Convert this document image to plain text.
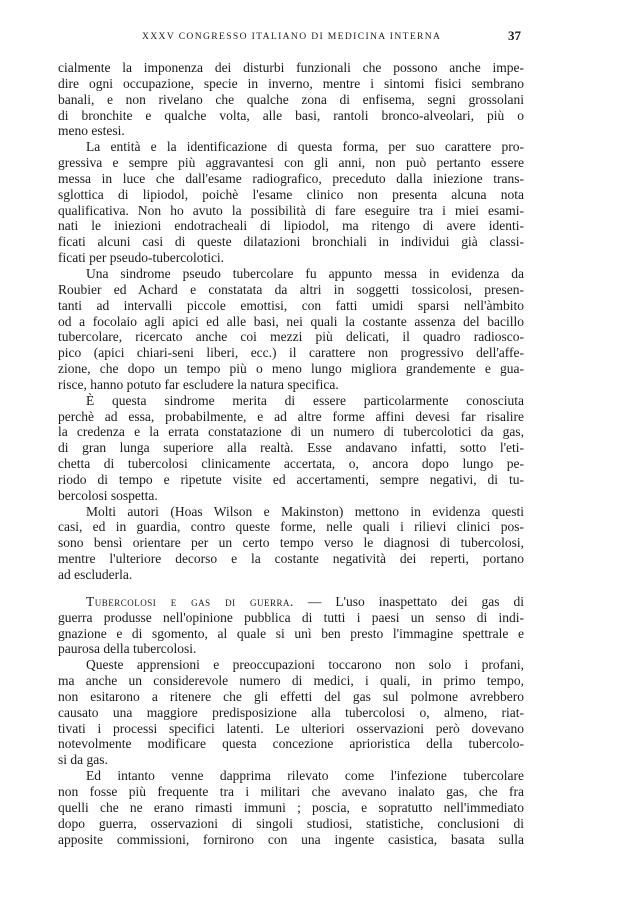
XXXV CONGRESSO ITALIANO DI MEDICINA INTERNA	37
cialmente la imponenza dei disturbi funzionali che possono anche impe-
dire ogni occupazione, specie in inverno, mentre i sintomi fisici sembrano
banali, e non rivelano che qualche zona di enfisema, segni grossolani
di bronchite e qualche volta, alle basi, rantoli bronco-alveolari, più o
meno estesi.
La entità e la identificazione di questa forma, per suo carattere pro-
gressiva e sempre più aggravantesi con gli anni, non può pertanto essere
messa in luce che dall'esame radiografico, preceduto dalla iniezione trans-
sglottica di lipiodol, poichè l'esame clinico non presenta alcuna nota
qualificativa. Non ho avuto la possibilità di fare eseguire tra i miei esami-
nati le iniezioni endotracheali di lipiodol, ma ritengo di avere identi-
ficati alcuni casi di queste dilatazioni bronchiali in individui già classi-
ficati per pseudo-tubercolotici.
Una sindrome pseudo tubercolare fu appunto messa in evidenza da
Roubier ed Achard e constatata da altri in soggetti tossicolosi, presen-
tanti ad intervalli piccole emottisi, con fatti umidi sparsi nell'àmbito
od a focolaio agli apici ed alle basi, nei quali la costante assenza del bacillo
tubercolare, ricercato anche coi mezzi più delicati, il quadro radiosco-
pico (apici chiari-seni liberi, ecc.) il carattere non progressivo dell'affe-
zione, che dopo un tempo più o meno lungo migliora grandemente e gua-
risce, hanno potuto far escludere la natura specifica.
È questa sindrome merita di essere particolarmente conosciuta
perchè ad essa, probabilmente, e ad altre forme affini devesi far risalire
la credenza e la errata constatazione di un numero di tubercolotici da gas,
di gran lunga superiore alla realtà. Esse andavano infatti, sotto l'eti-
chetta di tubercolosi clinicamente accertata, o, ancora dopo lungo pe-
riodo di tempo e ripetute visite ed accertamenti, sempre negativi, di tu-
bercolosi sospetta.
Molti autori (Hoas Wilson e Makinston) mettono in evidenza questi
casi, ed in guardia, contro queste forme, nelle quali i rilievi clinici pos-
sono bensì orientare per un certo tempo verso le diagnosi di tubercolosi,
mentre l'ulteriore decorso e la costante negatività dei reperti, portano
ad escluderla.
Tubercolosi e gas di guerra. — L'uso inaspettato dei gas di
guerra produsse nell'opinione pubblica di tutti i paesi un senso di indi-
gnazione e di sgomento, al quale si unì ben presto l'immagine spettrale e
paurosa della tubercolosi.
Queste apprensioni e preoccupazioni toccarono non solo i profani,
ma anche un considerevole numero di medici, i quali, in primo tempo,
non esitarono a ritenere che gli effetti del gas sul polmone avrebbero
causato una maggiore predisposizione alla tubercolosi o, almeno, riat-
tivati i processi specifici latenti. Le ulteriori osservazioni però dovevano
notevolmente modificare questa concezione aprioristica della tubercolo-
si da gas.
Ed intanto venne dapprima rilevato come l'infezione tubercolare
non fosse più frequente tra i militari che avevano inalato gas, che fra
quelli che ne erano rimasti immuni ; poscia, e sopratutto nell'immediato
dopo guerra, osservazioni di singoli studiosi, statistiche, conclusioni di
apposite commissioni, fornirono con una ingente casistica, basata sulla
